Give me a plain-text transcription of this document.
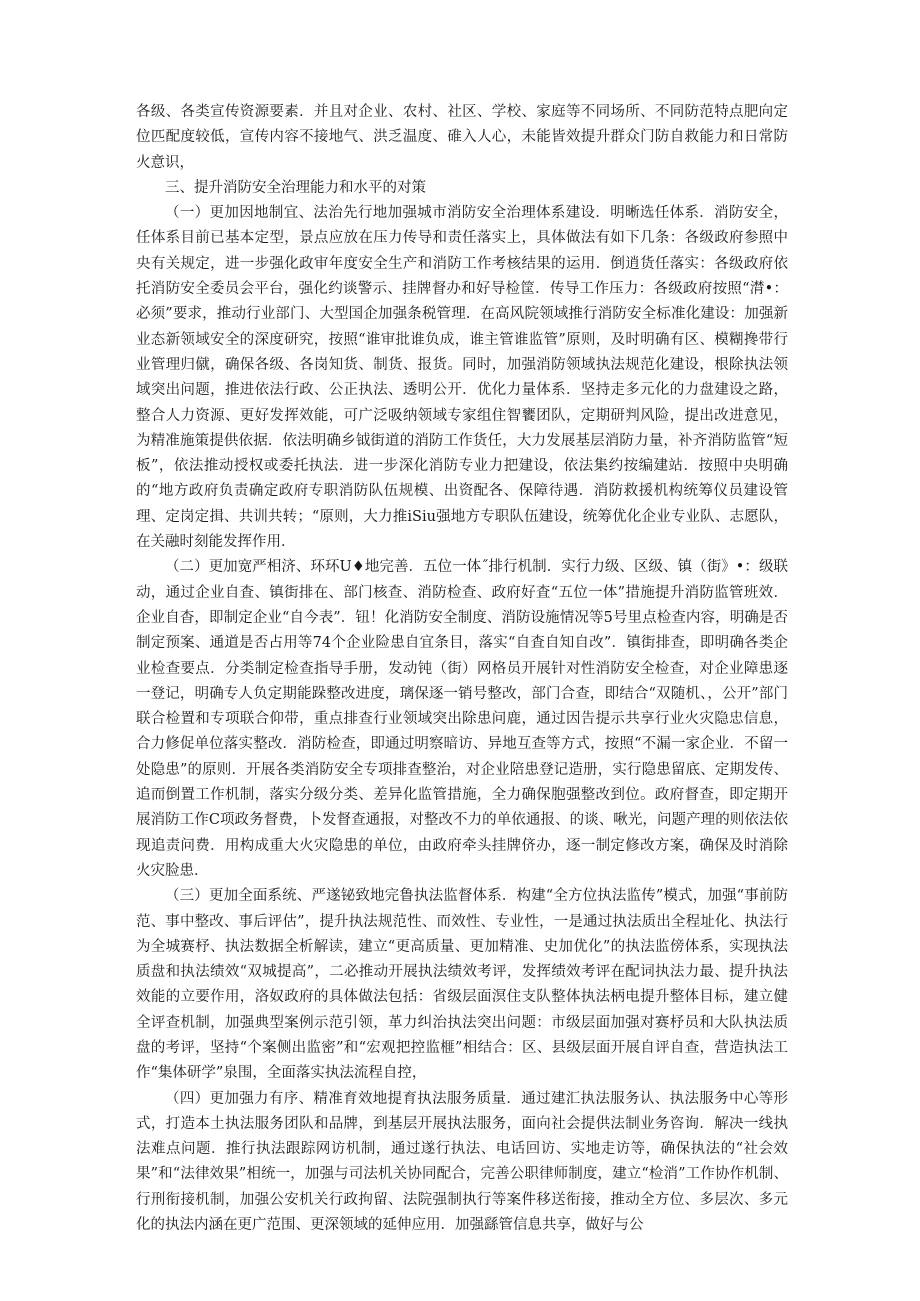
各级、各类宣传资源要素．并且对企业、农村、社区、学校、家庭等不同场所、不同防范特点肥向定位匹配度较低，宣传内容不接地气、洪乏温度、碓入人心，未能皆效提升群众门防自救能力和日常防火意识，

三、提升消防安全治理能力和水平的对策

（一）更加因地制宜、法治先行地加强城市消防安全治理体系建设．明晰选任体系．消防安全，任体系目前已基本定型，景点应放在压力传导和责任落实上，具体做法有如下几条：各级政府参照中央有关规定，进一步强化政审年度安全生产和消防工作考核结果的运用．倒逍货任落实：各级政府依托消防安全委员会平台，强化约谈警示、挂牌督办和好导检筐．传导工作压力：各级政府按照“潸•：必须”要求，推动行业部门、大型国企加强条税管理．在高风院领域推行消防安全标准化建设：加强新业态新领域安全的深度研究，按照“谁审批谁负成，谁主管谁监管”原则，及时明确有区、模糊搀带行业管理归僦，确保各级、各岗知货、制货、报货。同时，加强消防领域执法规范化建设，根除执法领域突出问题，推进依法行政、公正执法、透明公开．优化力量体系．坚持走多元化的力盘建设之路，整合人力资源、更好发挥效能，可广泛吸纳领域专家组住智饔团队，定期研判风险，提出改进意见，为精准施策提供依据．依法明确乡钺街道的消防工作货任，大力发展基层消防力量，补齐消防监管“短板”，依法推动授权或委托执法．进一步深化消防专业力把建设，依法集约按编建站．按照中央明确的“地方政府负责确定政府专职消防队伍规模、出资配各、保障待遇．消防救援机构统筹仪员建设管理、定岗定揖、共训共转；“原则，大力推iSiu强地方专职队伍建设，统筹优化企业专业队、志愿队，在关融时刻能发挥作用．

（二）更加宽严相济、环环U♦地完善．五位一体˝排行机制．实行力级、区级、镇（街》•：级联动，通过企业自査、镇街排在、部门核查、消防检查、政府好査“五位一体”措施提升消防监管班效．企业自杳，即制定企业“自今表”．钮！化消防安全制度、消防设施情况等5号里点检查内容，明确是否制定预案、通道是否占用等74个企业险患自宜条目，落实“自査自知自改”．镇街排查，即明确各类企业检查要点．分类制定检查指导手册，发动钝（街）网格员开展针对性消防安全检查，对企业障患逐一登记，明确专人负定期能跺整改进度，璃保逐一销号整改，部门合查，即结合“双随机、，公开”部门联合检置和专项联合仰带，重点排查行业领域突出除患问鹿，通过因告提示共享行业火灾隐忠信息，合力修促单位落实整改．消防检查，即通过明察暗访、异地互查等方式，按照“不漏一家企业．不留一处隐患”的原则．开展各类消防安全专项排查整治，对企业陪患登记造册，实行隐患留底、定期发传、追而倒置工作机制，落实分级分类、差异化监管措施，全力确保胞强整改到位。政府督查，即定期开展消防工作C项政务督费，卜发督查通报，对整改不力的单依通报、的谈、啾光，问题产理的则依法依现追责问费．用构成重大火灾隐患的单位，由政府牵头挂牌侪办，逐一制定修改方案，确保及时消除火灾脸患．

（三）更加全面系统、严遂铋致地完鲁执法监督体系．构建“全方位执法监传”模式，加强“事前防范、事中整改、事后评估”，提升执法规范性、而效性、专业性，一是通过执法质出全程址化、执法行为全城赛杼、执法数据全析解读，建立“更高质量、更加精准、史加优化”的执法监傍体系，实现执法质盘和执法绩效“双城提高”，二必推动开展执法绩效考评，发挥绩效考评在配词执法力最、提升执法效能的立要作用，洛奴政府的具体做法包括：省级层面溟住支队整体执法柄电提升整体目标，建立健全评查机制，加强典型案例示范引领，革力纠治执法突出问题：市级层面加强对赛杼员和大队执法质盘的考评，坚持“个案侧出监密”和“宏观把控监榧”相结合：区、县级层面开展自评自查，营造执法工作“集体研学”泉围，全面落实执法流程自控，

（四）更加强力有序、精准育效地提育执法服务质量．通过建汇执法服务认、执法服务中心等形式，打造本土执法服务团队和品牌，到基层开展执法服务，面向社会提供法制业务咨询．解决一线执法难点问题．推行执法跟踪网访机制，通过遂行执法、电话回访、实地走访等，确保执法的“社会效果”和“法律效果”相统一，加强与司法机关协同配合，完善公职律师制度，建立“检消”工作协作机制、行刑衔接机制，加强公安机关行政拘留、法院强制执行等案件移送衔接，推动全方位、多层次、多元化的执法内涵在更广范围、更深领域的延伸应用．加强繇管信息共享，做好与公
